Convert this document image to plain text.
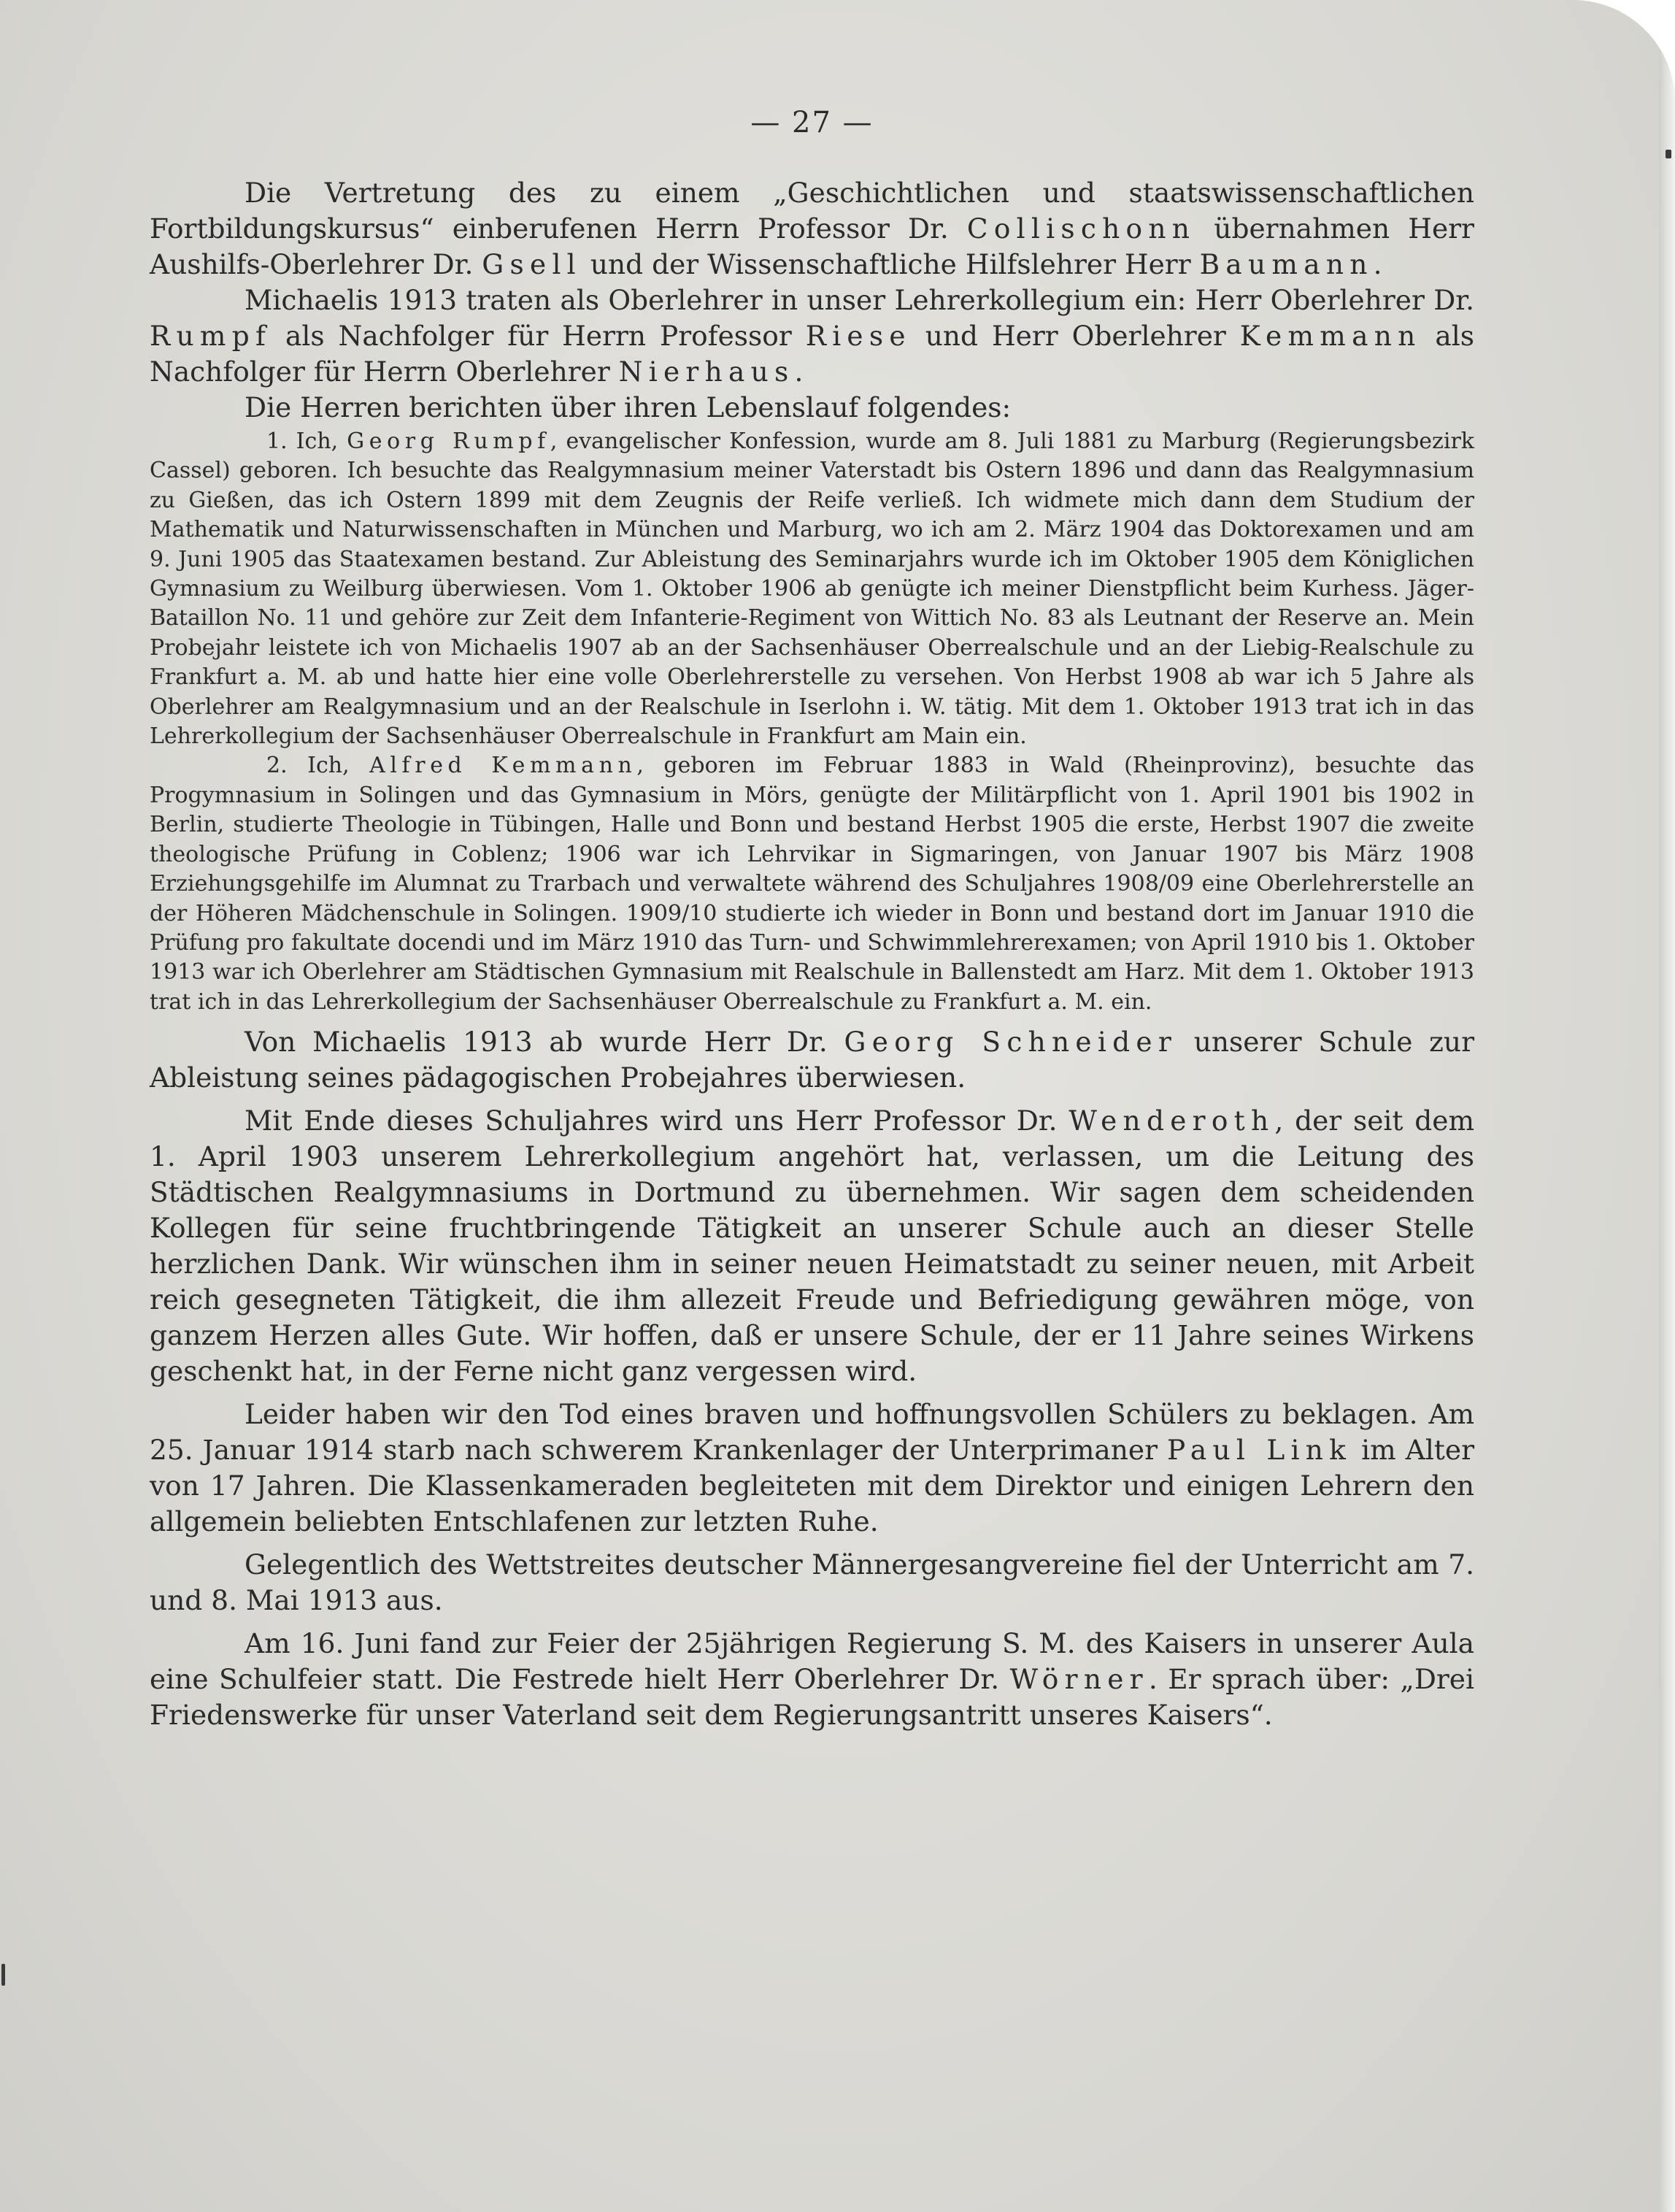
— 27 —

Die Vertretung des zu einem „Geschichtlichen und staatswissenschaftlichen Fortbildungskursus“ einberufenen Herrn Professor Dr. Collischonn übernahmen Herr Aushilfs-Oberlehrer Dr. Gsell und der Wissenschaftliche Hilfslehrer Herr Baumann.

Michaelis 1913 traten als Oberlehrer in unser Lehrerkollegium ein: Herr Oberlehrer Dr. Rumpf als Nachfolger für Herrn Professor Riese und Herr Oberlehrer Kemmann als Nachfolger für Herrn Oberlehrer Nierhaus.

Die Herren berichten über ihren Lebenslauf folgendes:

1. Ich, Georg Rumpf, evangelischer Konfession, wurde am 8. Juli 1881 zu Marburg (Regierungsbezirk Cassel) geboren. Ich besuchte das Realgymnasium meiner Vaterstadt bis Ostern 1896 und dann das Realgymnasium zu Gießen, das ich Ostern 1899 mit dem Zeugnis der Reife verließ. Ich widmete mich dann dem Studium der Mathematik und Naturwissenschaften in München und Marburg, wo ich am 2. März 1904 das Doktorexamen und am 9. Juni 1905 das Staatexamen bestand. Zur Ableistung des Seminarjahrs wurde ich im Oktober 1905 dem Königlichen Gymnasium zu Weilburg überwiesen. Vom 1. Oktober 1906 ab genügte ich meiner Dienstpflicht beim Kurhess. Jäger-Bataillon No. 11 und gehöre zur Zeit dem Infanterie-Regiment von Wittich No. 83 als Leutnant der Reserve an. Mein Probejahr leistete ich von Michaelis 1907 ab an der Sachsenhäuser Oberrealschule und an der Liebig-Realschule zu Frankfurt a. M. ab und hatte hier eine volle Oberlehrerstelle zu versehen. Von Herbst 1908 ab war ich 5 Jahre als Oberlehrer am Realgymnasium und an der Realschule in Iserlohn i. W. tätig. Mit dem 1. Oktober 1913 trat ich in das Lehrerkollegium der Sachsenhäuser Oberrealschule in Frankfurt am Main ein.

2. Ich, Alfred Kemmann, geboren im Februar 1883 in Wald (Rheinprovinz), besuchte das Progymnasium in Solingen und das Gymnasium in Mörs, genügte der Militärpflicht von 1. April 1901 bis 1902 in Berlin, studierte Theologie in Tübingen, Halle und Bonn und bestand Herbst 1905 die erste, Herbst 1907 die zweite theologische Prüfung in Coblenz; 1906 war ich Lehrvikar in Sigmaringen, von Januar 1907 bis März 1908 Erziehungsgehilfe im Alumnat zu Trarbach und verwaltete während des Schuljahres 1908/09 eine Oberlehrerstelle an der Höheren Mädchenschule in Solingen. 1909/10 studierte ich wieder in Bonn und bestand dort im Januar 1910 die Prüfung pro fakultate docendi und im März 1910 das Turn- und Schwimmlehrerexamen; von April 1910 bis 1. Oktober 1913 war ich Oberlehrer am Städtischen Gymnasium mit Realschule in Ballenstedt am Harz. Mit dem 1. Oktober 1913 trat ich in das Lehrerkollegium der Sachsenhäuser Oberrealschule zu Frankfurt a. M. ein.

Von Michaelis 1913 ab wurde Herr Dr. Georg Schneider unserer Schule zur Ableistung seines pädagogischen Probejahres überwiesen.

Mit Ende dieses Schuljahres wird uns Herr Professor Dr. Wenderoth, der seit dem 1. April 1903 unserem Lehrerkollegium angehört hat, verlassen, um die Leitung des Städtischen Realgymnasiums in Dortmund zu übernehmen. Wir sagen dem scheidenden Kollegen für seine fruchtbringende Tätigkeit an unserer Schule auch an dieser Stelle herzlichen Dank. Wir wünschen ihm in seiner neuen Heimatstadt zu seiner neuen, mit Arbeit reich gesegneten Tätigkeit, die ihm allezeit Freude und Befriedigung gewähren möge, von ganzem Herzen alles Gute. Wir hoffen, daß er unsere Schule, der er 11 Jahre seines Wirkens geschenkt hat, in der Ferne nicht ganz vergessen wird.

Leider haben wir den Tod eines braven und hoffnungsvollen Schülers zu beklagen. Am 25. Januar 1914 starb nach schwerem Krankenlager der Unterprimaner Paul Link im Alter von 17 Jahren. Die Klassenkameraden begleiteten mit dem Direktor und einigen Lehrern den allgemein beliebten Entschlafenen zur letzten Ruhe.

Gelegentlich des Wettstreites deutscher Männergesangvereine fiel der Unterricht am 7. und 8. Mai 1913 aus.

Am 16. Juni fand zur Feier der 25jährigen Regierung S. M. des Kaisers in unserer Aula eine Schulfeier statt. Die Festrede hielt Herr Oberlehrer Dr. Wörner. Er sprach über: „Drei Friedenswerke für unser Vaterland seit dem Regierungsantritt unseres Kaisers“.
